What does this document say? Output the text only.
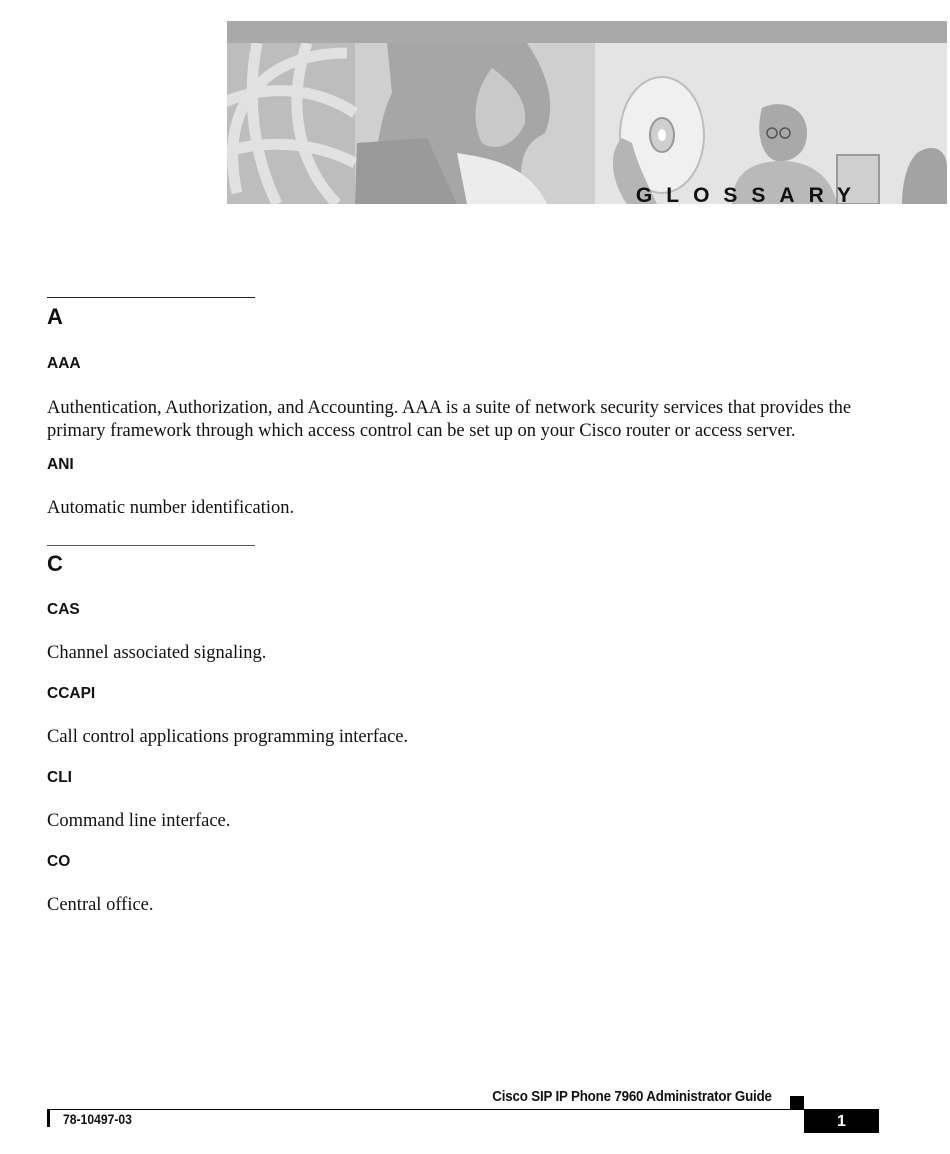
GLOSSARY
A
AAA
Authentication, Authorization, and Accounting. AAA is a suite of network security services that provides the primary framework through which access control can be set up on your Cisco router or access server.
ANI
Automatic number identification.
C
CAS
Channel associated signaling.
CCAPI
Call control applications programming interface.
CLI
Command line interface.
CO
Central office.
Cisco SIP IP Phone 7960 Administrator Guide
78-10497-03	1
